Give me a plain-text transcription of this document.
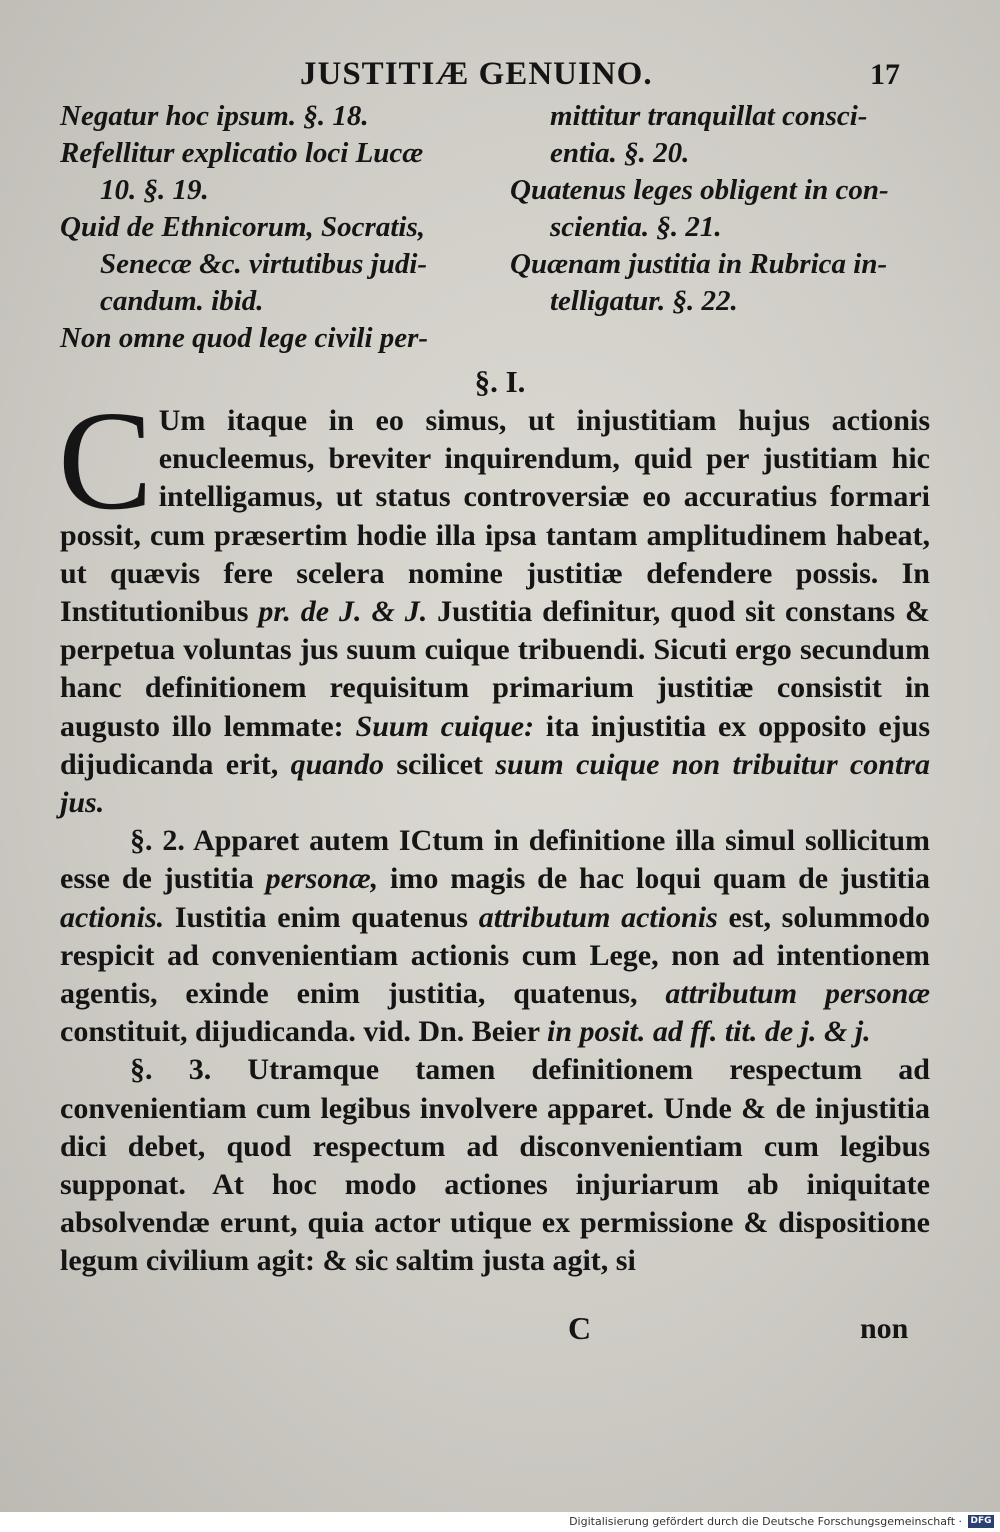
JUSTITIÆ GENUINO.	17
Negatur hoc ipsum. §. 18.
Refellitur explicatio loci Lucæ
10. §. 19.
Quid de Ethnicorum, Socratis,
Senecæ &c. virtutibus judi-
candum. ibid.
Non omne quod lege civili per-
mittitur tranquillat consci-
entia. §. 20.
Quatenus leges obligent in con-
scientia. §. 21.
Quænam justitia in Rubrica in-
telligatur. §. 22.
§. I.

C Um itaque in eo simus, ut injustitiam hujus actionis enucleemus, breviter inquirendum, quid per justitiam hic intelligamus, ut status controversiæ eo accuratius formari possit, cum præsertim hodie illa ipsa tantam amplitudinem habeat, ut quævis fere scelera nomine justitiæ defendere possis. In Institutionibus pr. de J. & J. Justitia definitur, quod sit constans & perpetua voluntas jus suum cuique tribuendi. Sicuti ergo secundum hanc definitionem requisitum primarium justitiæ consistit in augusto illo lemmate: Suum cuique: ita injustitia ex opposito ejus dijudicanda erit, quando scilicet suum cuique non tribuitur contra jus.

§. 2. Apparet autem ICtum in definitione illa simul sollicitum esse de justitia personæ, imo magis de hac loqui quam de justitia actionis. Iustitia enim quatenus attributum actionis est, solummodo respicit ad convenientiam actionis cum Lege, non ad intentionem agentis, exinde enim justitia, quatenus, attributum personæ constituit, dijudicanda. vid. Dn. Beier in posit. ad ff. tit. de j. & j.

§. 3. Utramque tamen definitionem respectum ad convenientiam cum legibus involvere apparet. Unde & de injustitia dici debet, quod respectum ad disconvenientiam cum legibus supponat. At hoc modo actiones injuriarum ab iniquitate absolvendæ erunt, quia actor utique ex permissione & dispositione legum civilium agit: & sic saltim justa agit, si

C	non
Digitalisierung gefördert durch die Deutsche Forschungsgemeinschaft · DFG
